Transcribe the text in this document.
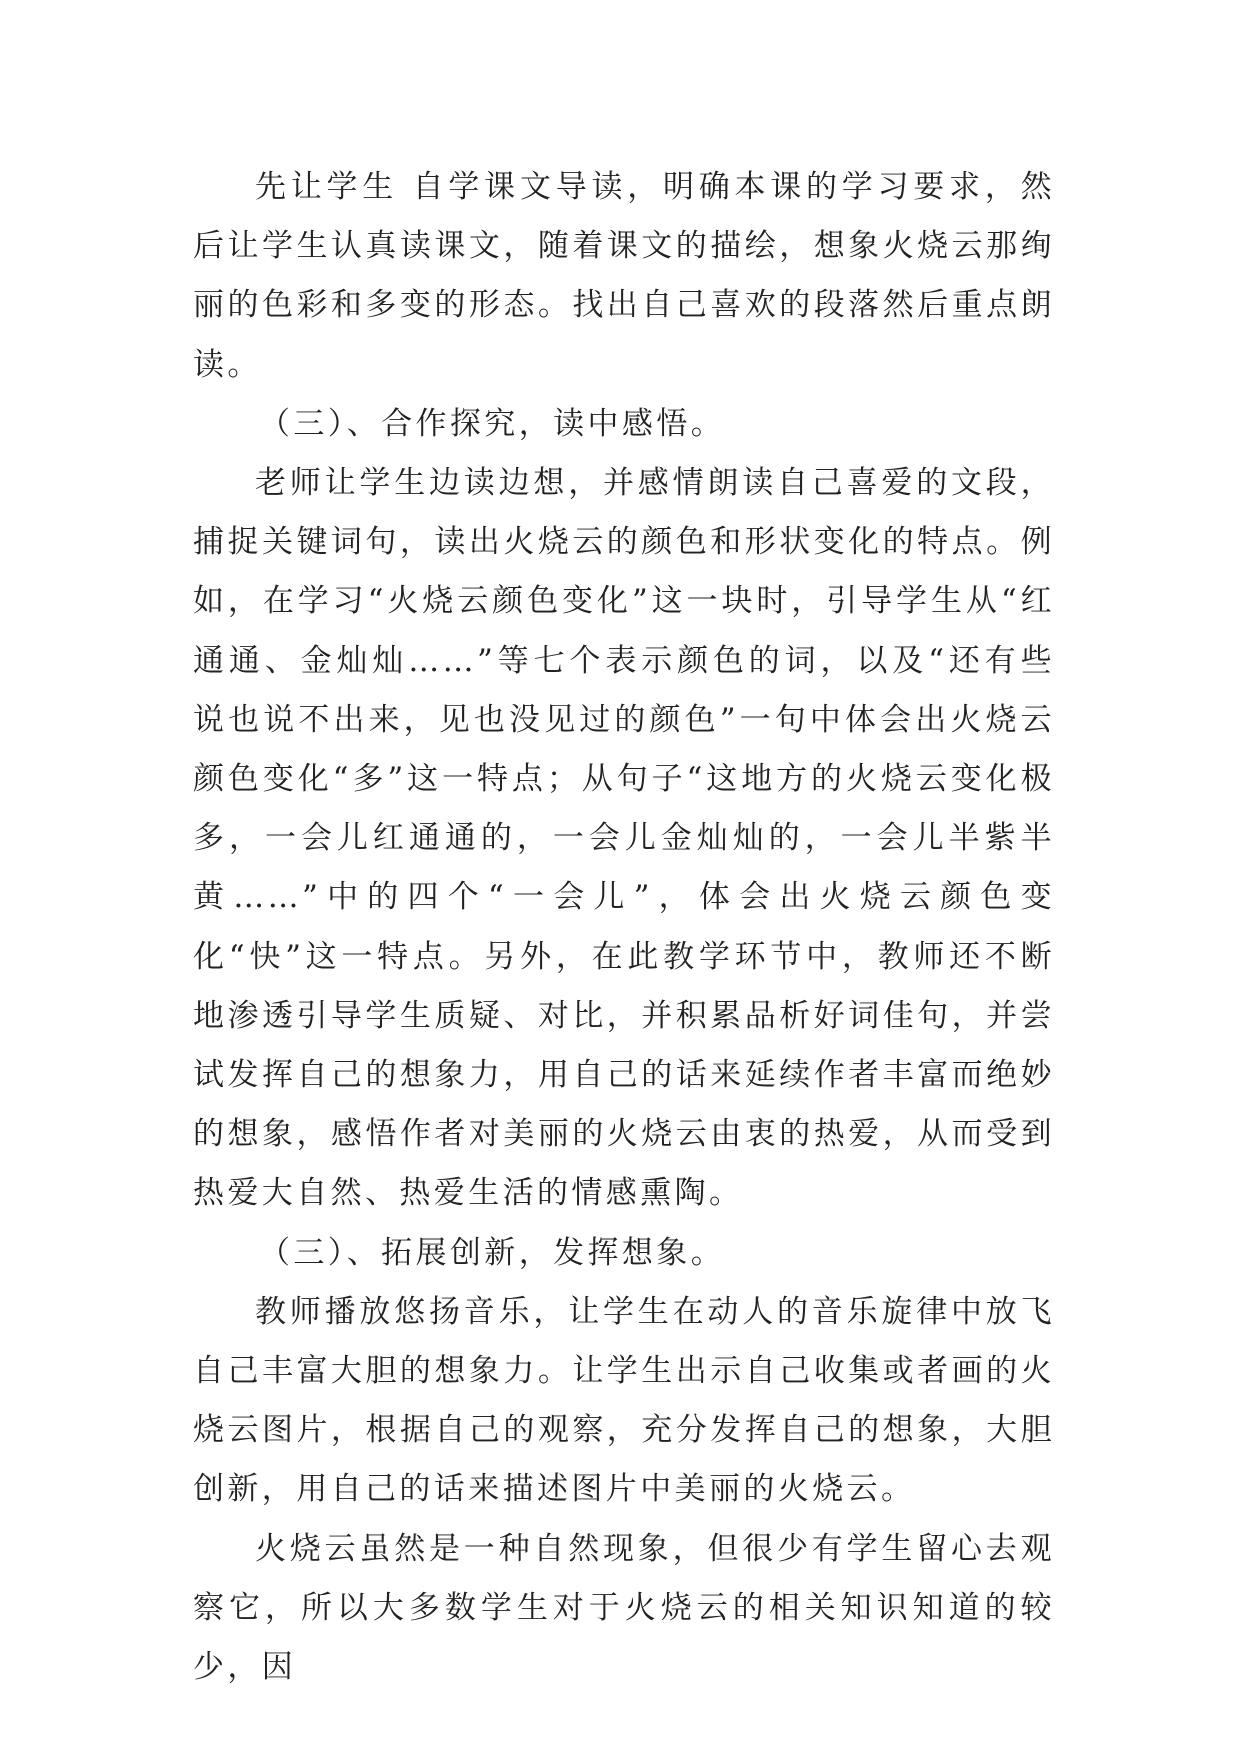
先让学生 自学课文导读，明确本课的学习要求，然后让学生认真读课文，随着课文的描绘，想象火烧云那绚丽的色彩和多变的形态。找出自己喜欢的段落然后重点朗读。

（三）、合作探究，读中感悟。

老师让学生边读边想，并感情朗读自己喜爱的文段，捕捉关键词句，读出火烧云的颜色和形状变化的特点。例如，在学习“火烧云颜色变化”这一块时，引导学生从“红通通、金灿灿……”等七个表示颜色的词，以及“还有些说也说不出来，见也没见过的颜色”一句中体会出火烧云颜色变化“多”这一特点；从句子“这地方的火烧云变化极多，一会儿红通通的，一会儿金灿灿的，一会儿半紫半黄……”中的四个“一会儿”，体会出火烧云颜色变化“快”这一特点。另外，在此教学环节中，教师还不断地渗透引导学生质疑、对比，并积累品析好词佳句，并尝试发挥自己的想象力，用自己的话来延续作者丰富而绝妙的想象，感悟作者对美丽的火烧云由衷的热爱，从而受到热爱大自然、热爱生活的情感熏陶。

（三）、拓展创新，发挥想象。

教师播放悠扬音乐，让学生在动人的音乐旋律中放飞自己丰富大胆的想象力。让学生出示自己收集或者画的火烧云图片，根据自己的观察，充分发挥自己的想象，大胆创新，用自己的话来描述图片中美丽的火烧云。

火烧云虽然是一种自然现象，但很少有学生留心去观察它，所以大多数学生对于火烧云的相关知识知道的较少，因
